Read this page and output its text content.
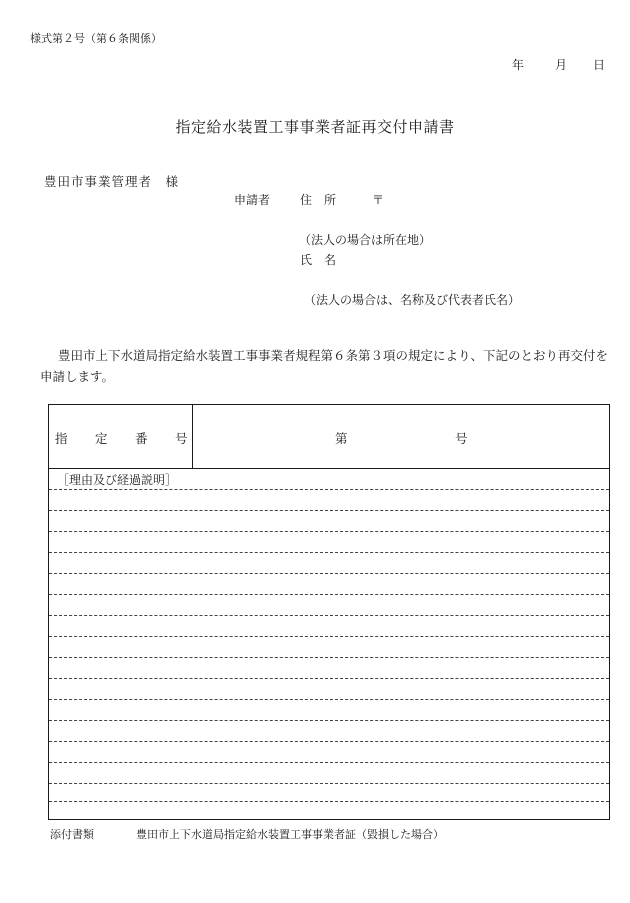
様式第２号（第６条関係）
年	月 日
指定給水装置工事事業者証再交付申請書
豊田市事業管理者　様
申請者 住　所	〒
（法人の場合は所在地）
氏　名
（法人の場合は、名称及び代表者氏名）
豊田市上下水道局指定給水装置工事事業者規程第６条第３項の規定により、下記のとおり再交付を申請します。
指 定 番 号	第	号
［理由及び経過説明］
添付書類	豊田市上下水道局指定給水装置工事事業者証（毀損した場合）
